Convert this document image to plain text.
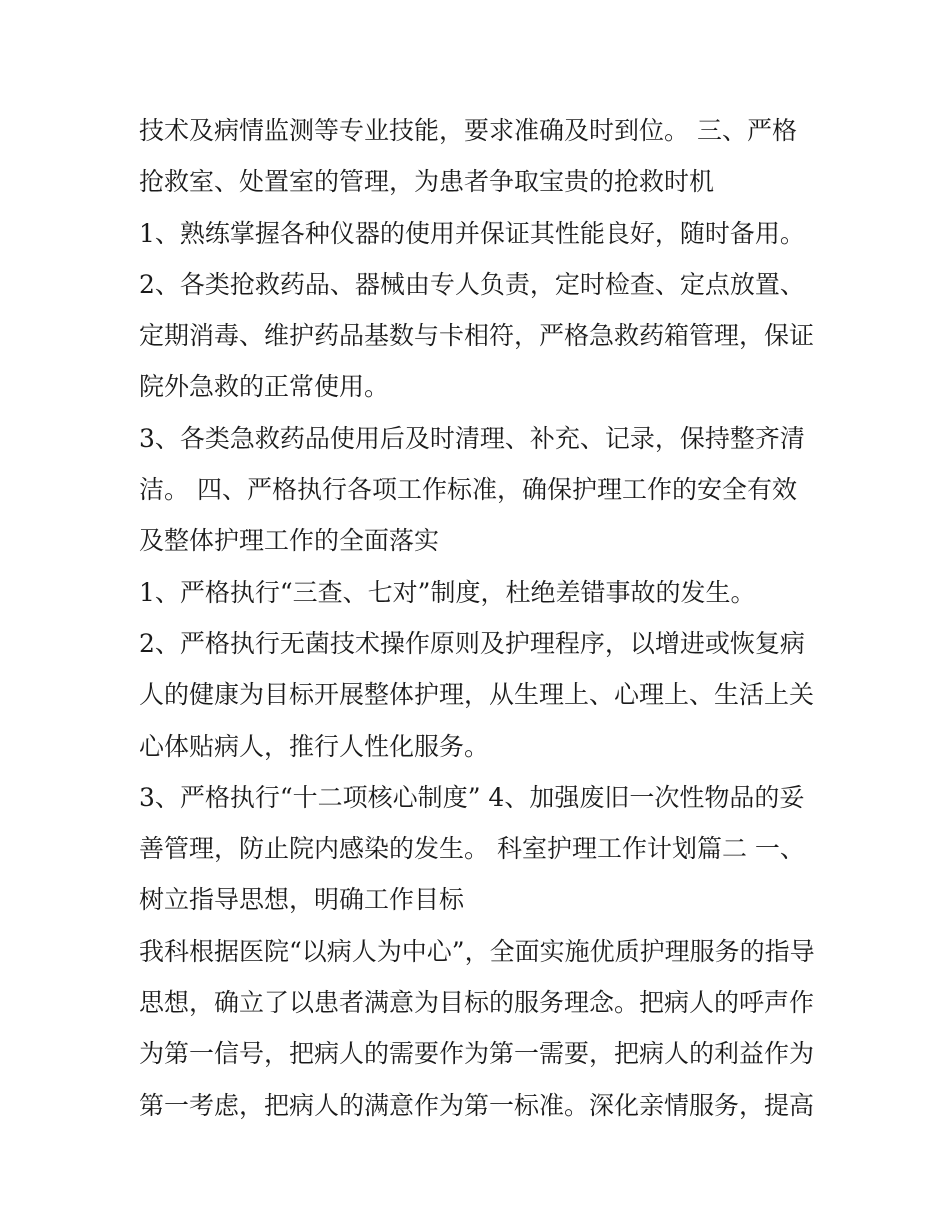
技术及病情监测等专业技能，要求准确及时到位。 三、严格
抢救室、处置室的管理，为患者争取宝贵的抢救时机
1、熟练掌握各种仪器的使用并保证其性能良好，随时备用。
2、各类抢救药品、器械由专人负责，定时检查、定点放置、
定期消毒、维护药品基数与卡相符，严格急救药箱管理，保证
院外急救的正常使用。
3、各类急救药品使用后及时清理、补充、记录，保持整齐清
洁。 四、严格执行各项工作标准，确保护理工作的安全有效
及整体护理工作的全面落实
1、严格执行“三查、七对”制度，杜绝差错事故的发生。
2、严格执行无菌技术操作原则及护理程序，以增进或恢复病
人的健康为目标开展整体护理，从生理上、心理上、生活上关
心体贴病人，推行人性化服务。
3、严格执行“十二项核心制度” 4、加强废旧一次性物品的妥
善管理，防止院内感染的发生。 科室护理工作计划篇二 一、
树立指导思想，明确工作目标
我科根据医院“以病人为中心”，全面实施优质护理服务的指导
思想，确立了以患者满意为目标的服务理念。把病人的呼声作
为第一信号，把病人的需要作为第一需要，把病人的利益作为
第一考虑，把病人的满意作为第一标准。深化亲情服务，提高
